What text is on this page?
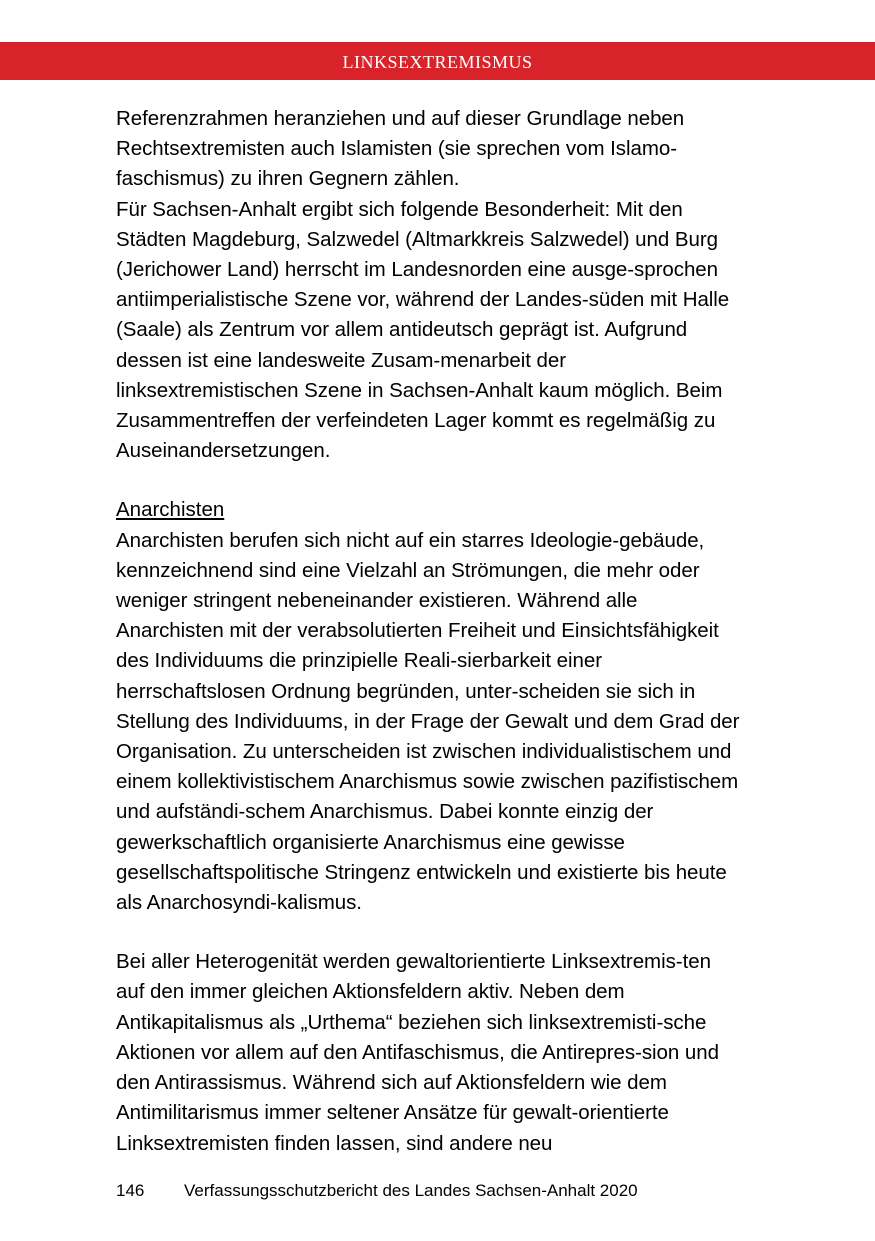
linksextremismus

Referenzrahmen heranziehen und auf dieser Grundlage neben Rechtsextremisten auch Islamisten (sie sprechen vom Islamo-faschismus) zu ihren Gegnern zählen.

Für Sachsen-Anhalt ergibt sich folgende Besonderheit: Mit den Städten Magdeburg, Salzwedel (Altmarkkreis Salzwedel) und Burg (Jerichower Land) herrscht im Landesnorden eine ausge-sprochen antiimperialistische Szene vor, während der Landes-süden mit Halle (Saale) als Zentrum vor allem antideutsch geprägt ist. Aufgrund dessen ist eine landesweite Zusam-menarbeit der linksextremistischen Szene in Sachsen-Anhalt kaum möglich. Beim Zusammentreffen der verfeindeten Lager kommt es regelmäßig zu Auseinandersetzungen.

Anarchisten

Anarchisten berufen sich nicht auf ein starres Ideologie-gebäude, kennzeichnend sind eine Vielzahl an Strömungen, die mehr oder weniger stringent nebeneinander existieren. Während alle Anarchisten mit der verabsolutierten Freiheit und Einsichtsfähigkeit des Individuums die prinzipielle Reali-sierbarkeit einer herrschaftslosen Ordnung begründen, unter-scheiden sie sich in Stellung des Individuums, in der Frage der Gewalt und dem Grad der Organisation. Zu unterscheiden ist zwischen individualistischem und einem kollektivistischem Anarchismus sowie zwischen pazifistischem und aufständi-schem Anarchismus. Dabei konnte einzig der gewerkschaftlich organisierte Anarchismus eine gewisse gesellschaftspolitische Stringenz entwickeln und existierte bis heute als Anarchosyndi-kalismus.

Bei aller Heterogenität werden gewaltorientierte Linksextremis-ten auf den immer gleichen Aktionsfeldern aktiv. Neben dem Antikapitalismus als „Urthema“ beziehen sich linksextremisti-sche Aktionen vor allem auf den Antifaschismus, die Antirepres-sion und den Antirassismus. Während sich auf Aktionsfeldern wie dem Antimilitarismus immer seltener Ansätze für gewalt-orientierte Linksextremisten finden lassen, sind andere neu

146	Verfassungsschutzbericht des Landes Sachsen-Anhalt 2020
